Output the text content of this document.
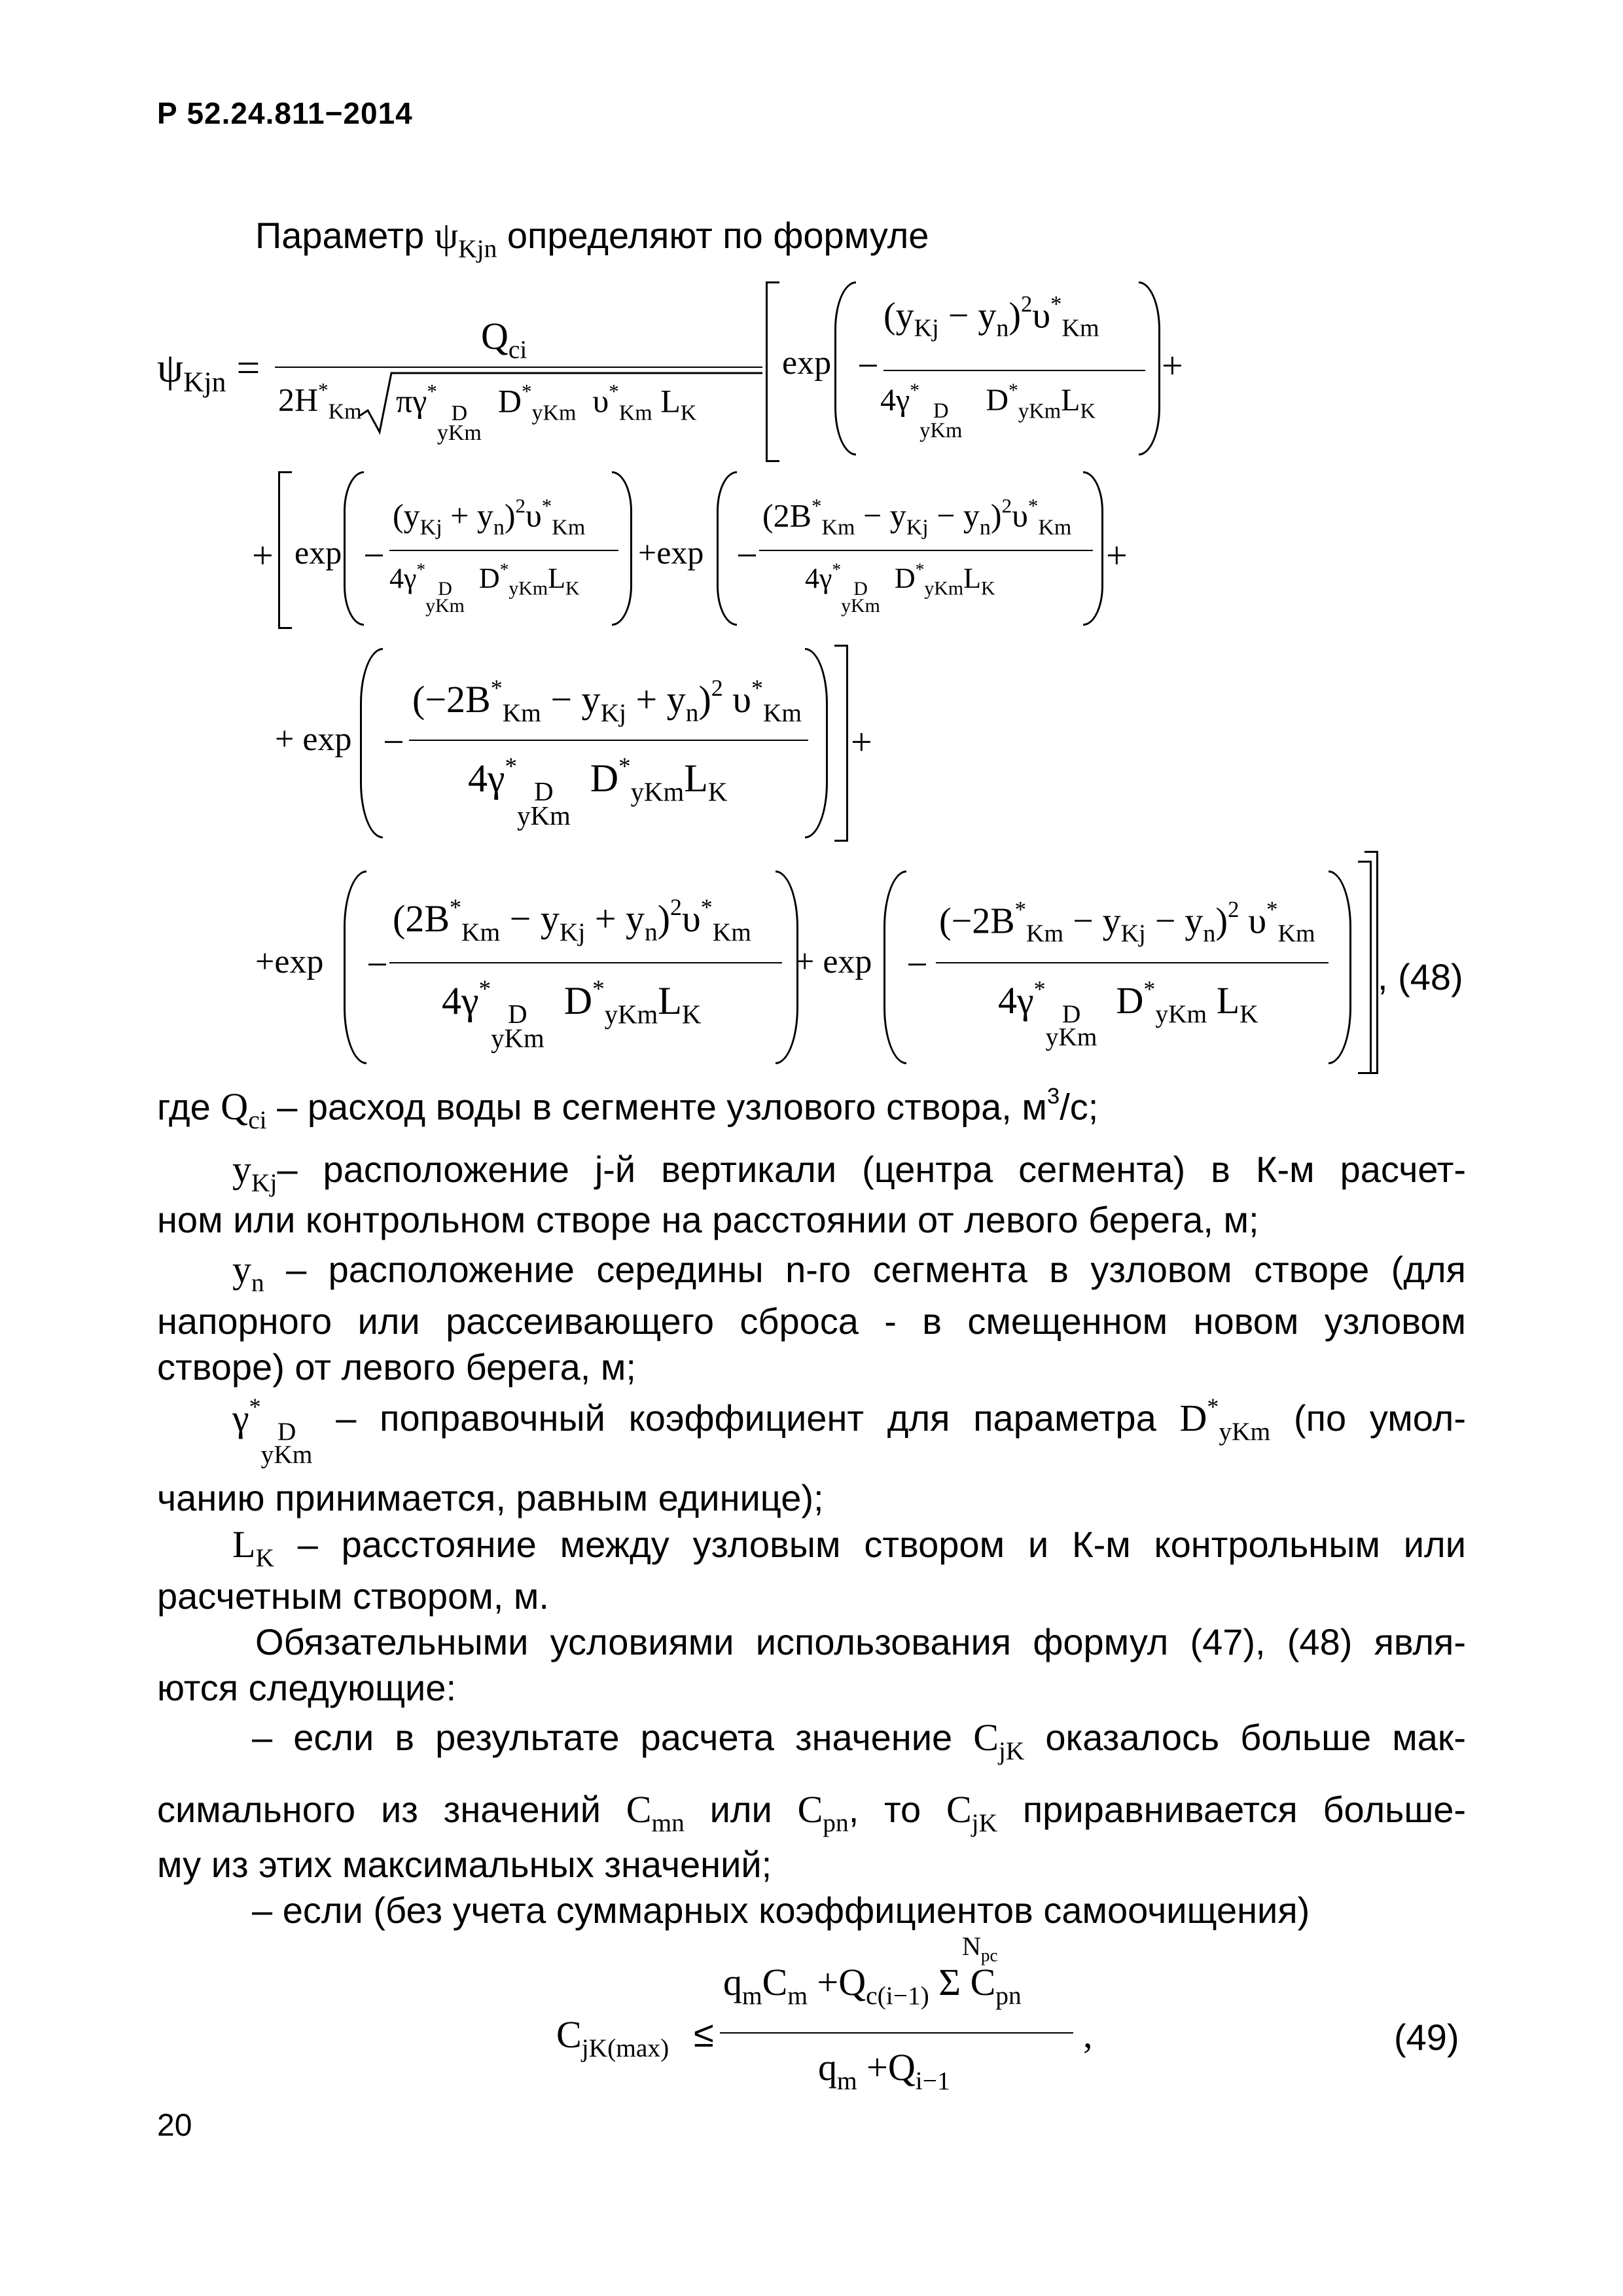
Р 52.24.811−2014
Параметр $\psi_{Kjn}$ определяют по формуле
$\psi_{Kjn}$ =
$Q_{ci}$
$2H^*_{Km}$ πγ*
D
yKm
$D^*_{yKm}$  $\upsilon^*_{Km}$ $L_K$
exp −
$(y_{Kj} - y_n)^2\upsilon^*_{Km}$
4γ*
D
yKm
$D^*_{yKm}L_K$
+
+ exp −
$(y_{Kj} + y_n)^2\upsilon^*_{Km}$
4γ*
D
yKm
$D^*_{yKm}L_K$
+exp −
$(2B^*_{Km} - y_{Kj} - y_n)^2\upsilon^*_{Km}$
4γ*
D
yKm
$D^*_{yKm}L_K$
+
+ exp −
$(-2B^*_{Km} - y_{Kj} + y_n)^2$ $\upsilon^*_{Km}$
4γ*
D
yKm
$D^*_{yKm}L_K$
+
+exp −
$(2B^*_{Km} - y_{Kj} + y_n)^2\upsilon^*_{Km}$
4γ*
D
yKm
$D^*_{yKm}L_K$
+ exp −
$(-2B^*_{Km} - y_{Kj} - y_n)^2$ $\upsilon^*_{Km}$
4γ*
D
yKm
$D^*_{yKm}$ $L_K$
, (48)
где $Q_{ci}$ – расход воды в сегменте узлового створа, $м^3/с$;
$y_{Kj}-$ расположение j-й вертикали (центра сегмента) в К-м расчет-
ном или контрольном створе на расстоянии от левого берега, м;
$y_n$ – расположение середины n-го сегмента в узловом створе (для
напорного или рассеивающего сброса - в смещенном новом узловом
створе) от левого берега, м;
γ*
D
yKm
– поправочный коэффициент для параметра $D^*_{yKm}$ (по умол-
чанию принимается, равным единице);
$L_K$ – расстояние между узловым створом и К-м контрольным или
расчетным створом, м.
Обязательными условиями использования формул (47), (48) явля-
ются следующие:
– если в результате расчета значение $C_{jK}$ оказалось больше мак-
симального из значений $C_{mn}$ или $C_{pn}$, то $C_{jK}$ приравнивается больше-
му из этих максимальных значений;
– если (без учета суммарных коэффициентов самоочищения)
$N_{pc}$
$q_mC_m +Q_{c(i-1)}$ Σ $C_{pn}$
$C_{jK(max)}$ ≤
$q_m +Q_{i-1}$
,	(49)
20
